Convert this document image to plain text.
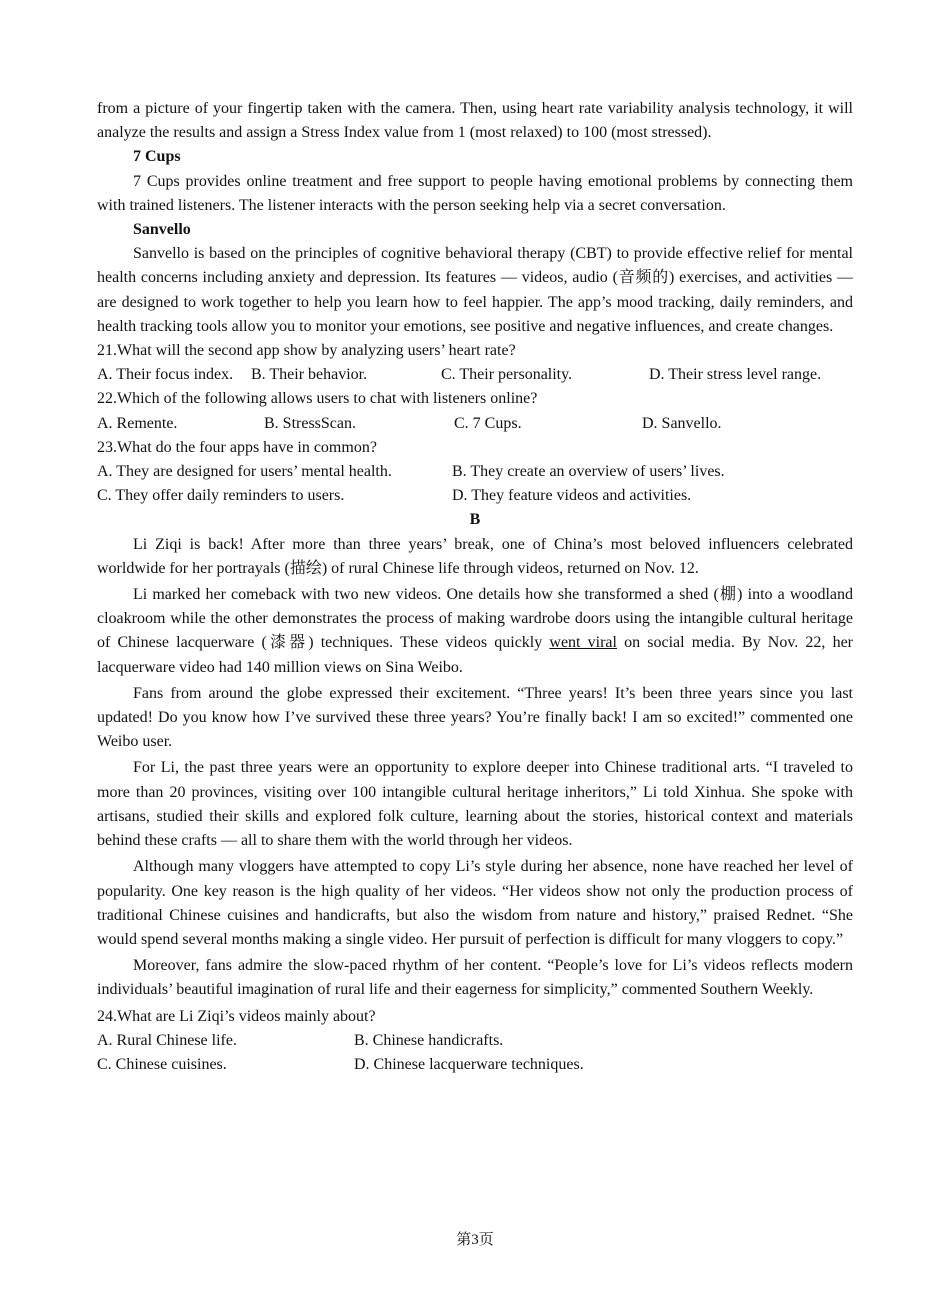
from a picture of your fingertip taken with the camera. Then, using heart rate variability analysis technology, it will analyze the results and assign a Stress Index value from 1 (most relaxed) to 100 (most stressed).

7 Cups

7 Cups provides online treatment and free support to people having emotional problems by connecting them with trained listeners. The listener interacts with the person seeking help via a secret conversation.

Sanvello

Sanvello is based on the principles of cognitive behavioral therapy (CBT) to provide effective relief for mental health concerns including anxiety and depression. Its features — videos, audio (音频的) exercises, and activities — are designed to work together to help you learn how to feel happier. The app’s mood tracking, daily reminders, and health tracking tools allow you to monitor your emotions, see positive and negative influences, and create changes.

21.What will the second app show by analyzing users’ heart rate?

A. Their focus index.	B. Their behavior.	C. Their personality.	D. Their stress level range.

22.Which of the following allows users to chat with listeners online?

A. Remente.	B. StressScan.	C. 7 Cups.	D. Sanvello.

23.What do the four apps have in common?

A. They are designed for users’ mental health.	B. They create an overview of users’ lives.
C. They offer daily reminders to users.	D. They feature videos and activities.

B

Li Ziqi is back! After more than three years’ break, one of China’s most beloved influencers celebrated worldwide for her portrayals (描绘) of rural Chinese life through videos, returned on Nov. 12.

Li marked her comeback with two new videos. One details how she transformed a shed (棚) into a woodland cloakroom while the other demonstrates the process of making wardrobe doors using the intangible cultural heritage of Chinese lacquerware (漆器) techniques. These videos quickly went viral on social media. By Nov. 22, her lacquerware video had 140 million views on Sina Weibo.

Fans from around the globe expressed their excitement. “Three years! It’s been three years since you last updated! Do you know how I’ve survived these three years? You’re finally back! I am so excited!” commented one Weibo user.

For Li, the past three years were an opportunity to explore deeper into Chinese traditional arts. “I traveled to more than 20 provinces, visiting over 100 intangible cultural heritage inheritors,” Li told Xinhua. She spoke with artisans, studied their skills and explored folk culture, learning about the stories, historical context and materials behind these crafts — all to share them with the world through her videos.

Although many vloggers have attempted to copy Li’s style during her absence, none have reached her level of popularity. One key reason is the high quality of her videos. “Her videos show not only the production process of traditional Chinese cuisines and handicrafts, but also the wisdom from nature and history,” praised Rednet. “She would spend several months making a single video. Her pursuit of perfection is difficult for many vloggers to copy.”

Moreover, fans admire the slow-paced rhythm of her content. “People’s love for Li’s videos reflects modern individuals’ beautiful imagination of rural life and their eagerness for simplicity,” commented Southern Weekly.

24.What are Li Ziqi’s videos mainly about?

A. Rural Chinese life.	B. Chinese handicrafts.
C. Chinese cuisines.	D. Chinese lacquerware techniques.
第3页
